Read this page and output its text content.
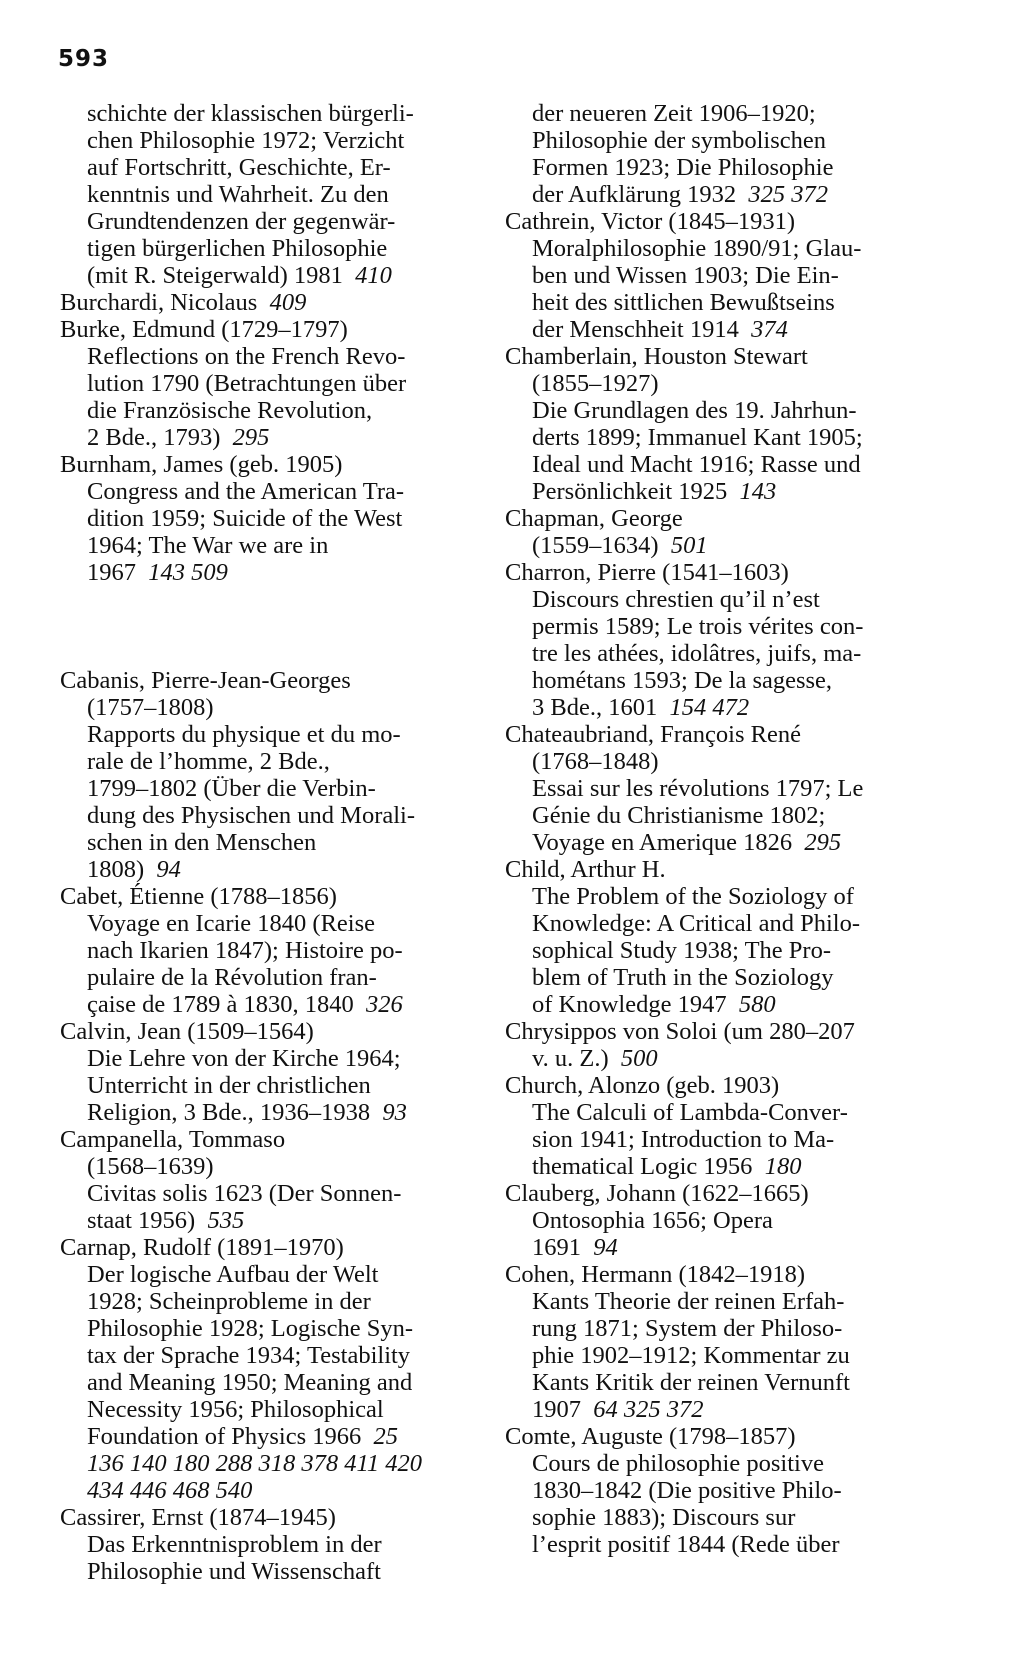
593
schichte der klassischen bürgerli-
chen Philosophie 1972; Verzicht
auf Fortschritt, Geschichte, Er-
kenntnis und Wahrheit. Zu den
Grundtendenzen der gegenwär-
tigen bürgerlichen Philosophie
(mit R. Steigerwald) 1981  410
Burchardi, Nicolaus  409
Burke, Edmund (1729–1797)
Reflections on the French Revo-
lution 1790 (Betrachtungen über
die Französische Revolution,
2 Bde., 1793)  295
Burnham, James (geb. 1905)
Congress and the American Tra-
dition 1959; Suicide of the West
1964; The War we are in
1967  143 509
Cabanis, Pierre-Jean-Georges
(1757–1808)
Rapports du physique et du mo-
rale de l’homme, 2 Bde.,
1799–1802 (Über die Verbin-
dung des Physischen und Morali-
schen in den Menschen
1808)  94
Cabet, Étienne (1788–1856)
Voyage en Icarie 1840 (Reise
nach Ikarien 1847); Histoire po-
pulaire de la Révolution fran-
çaise de 1789 à 1830, 1840  326
Calvin, Jean (1509–1564)
Die Lehre von der Kirche 1964;
Unterricht in der christlichen
Religion, 3 Bde., 1936–1938  93
Campanella, Tommaso
(1568–1639)
Civitas solis 1623 (Der Sonnen-
staat 1956)  535
Carnap, Rudolf (1891–1970)
Der logische Aufbau der Welt
1928; Scheinprobleme in der
Philosophie 1928; Logische Syn-
tax der Sprache 1934; Testability
and Meaning 1950; Meaning and
Necessity 1956; Philosophical
Foundation of Physics 1966  25
136 140 180 288 318 378 411 420
434 446 468 540
Cassirer, Ernst (1874–1945)
Das Erkenntnisproblem in der
Philosophie und Wissenschaft
der neueren Zeit 1906–1920;
Philosophie der symbolischen
Formen 1923; Die Philosophie
der Aufklärung 1932  325 372
Cathrein, Victor (1845–1931)
Moralphilosophie 1890/91; Glau-
ben und Wissen 1903; Die Ein-
heit des sittlichen Bewußtseins
der Menschheit 1914  374
Chamberlain, Houston Stewart
(1855–1927)
Die Grundlagen des 19. Jahrhun-
derts 1899; Immanuel Kant 1905;
Ideal und Macht 1916; Rasse und
Persönlichkeit 1925  143
Chapman, George
(1559–1634)  501
Charron, Pierre (1541–1603)
Discours chrestien qu’il n’est
permis 1589; Le trois vérites con-
tre les athées, idolâtres, juifs, ma-
hométans 1593; De la sagesse,
3 Bde., 1601  154 472
Chateaubriand, François René
(1768–1848)
Essai sur les révolutions 1797; Le
Génie du Christianisme 1802;
Voyage en Amerique 1826  295
Child, Arthur H.
The Problem of the Soziology of
Knowledge: A Critical and Philo-
sophical Study 1938; The Pro-
blem of Truth in the Soziology
of Knowledge 1947  580
Chrysippos von Soloi (um 280–207
v. u. Z.)  500
Church, Alonzo (geb. 1903)
The Calculi of Lambda-Conver-
sion 1941; Introduction to Ma-
thematical Logic 1956  180
Clauberg, Johann (1622–1665)
Ontosophia 1656; Opera
1691  94
Cohen, Hermann (1842–1918)
Kants Theorie der reinen Erfah-
rung 1871; System der Philoso-
phie 1902–1912; Kommentar zu
Kants Kritik der reinen Vernunft
1907  64 325 372
Comte, Auguste (1798–1857)
Cours de philosophie positive
1830–1842 (Die positive Philo-
sophie 1883); Discours sur
l’esprit positif 1844 (Rede über
